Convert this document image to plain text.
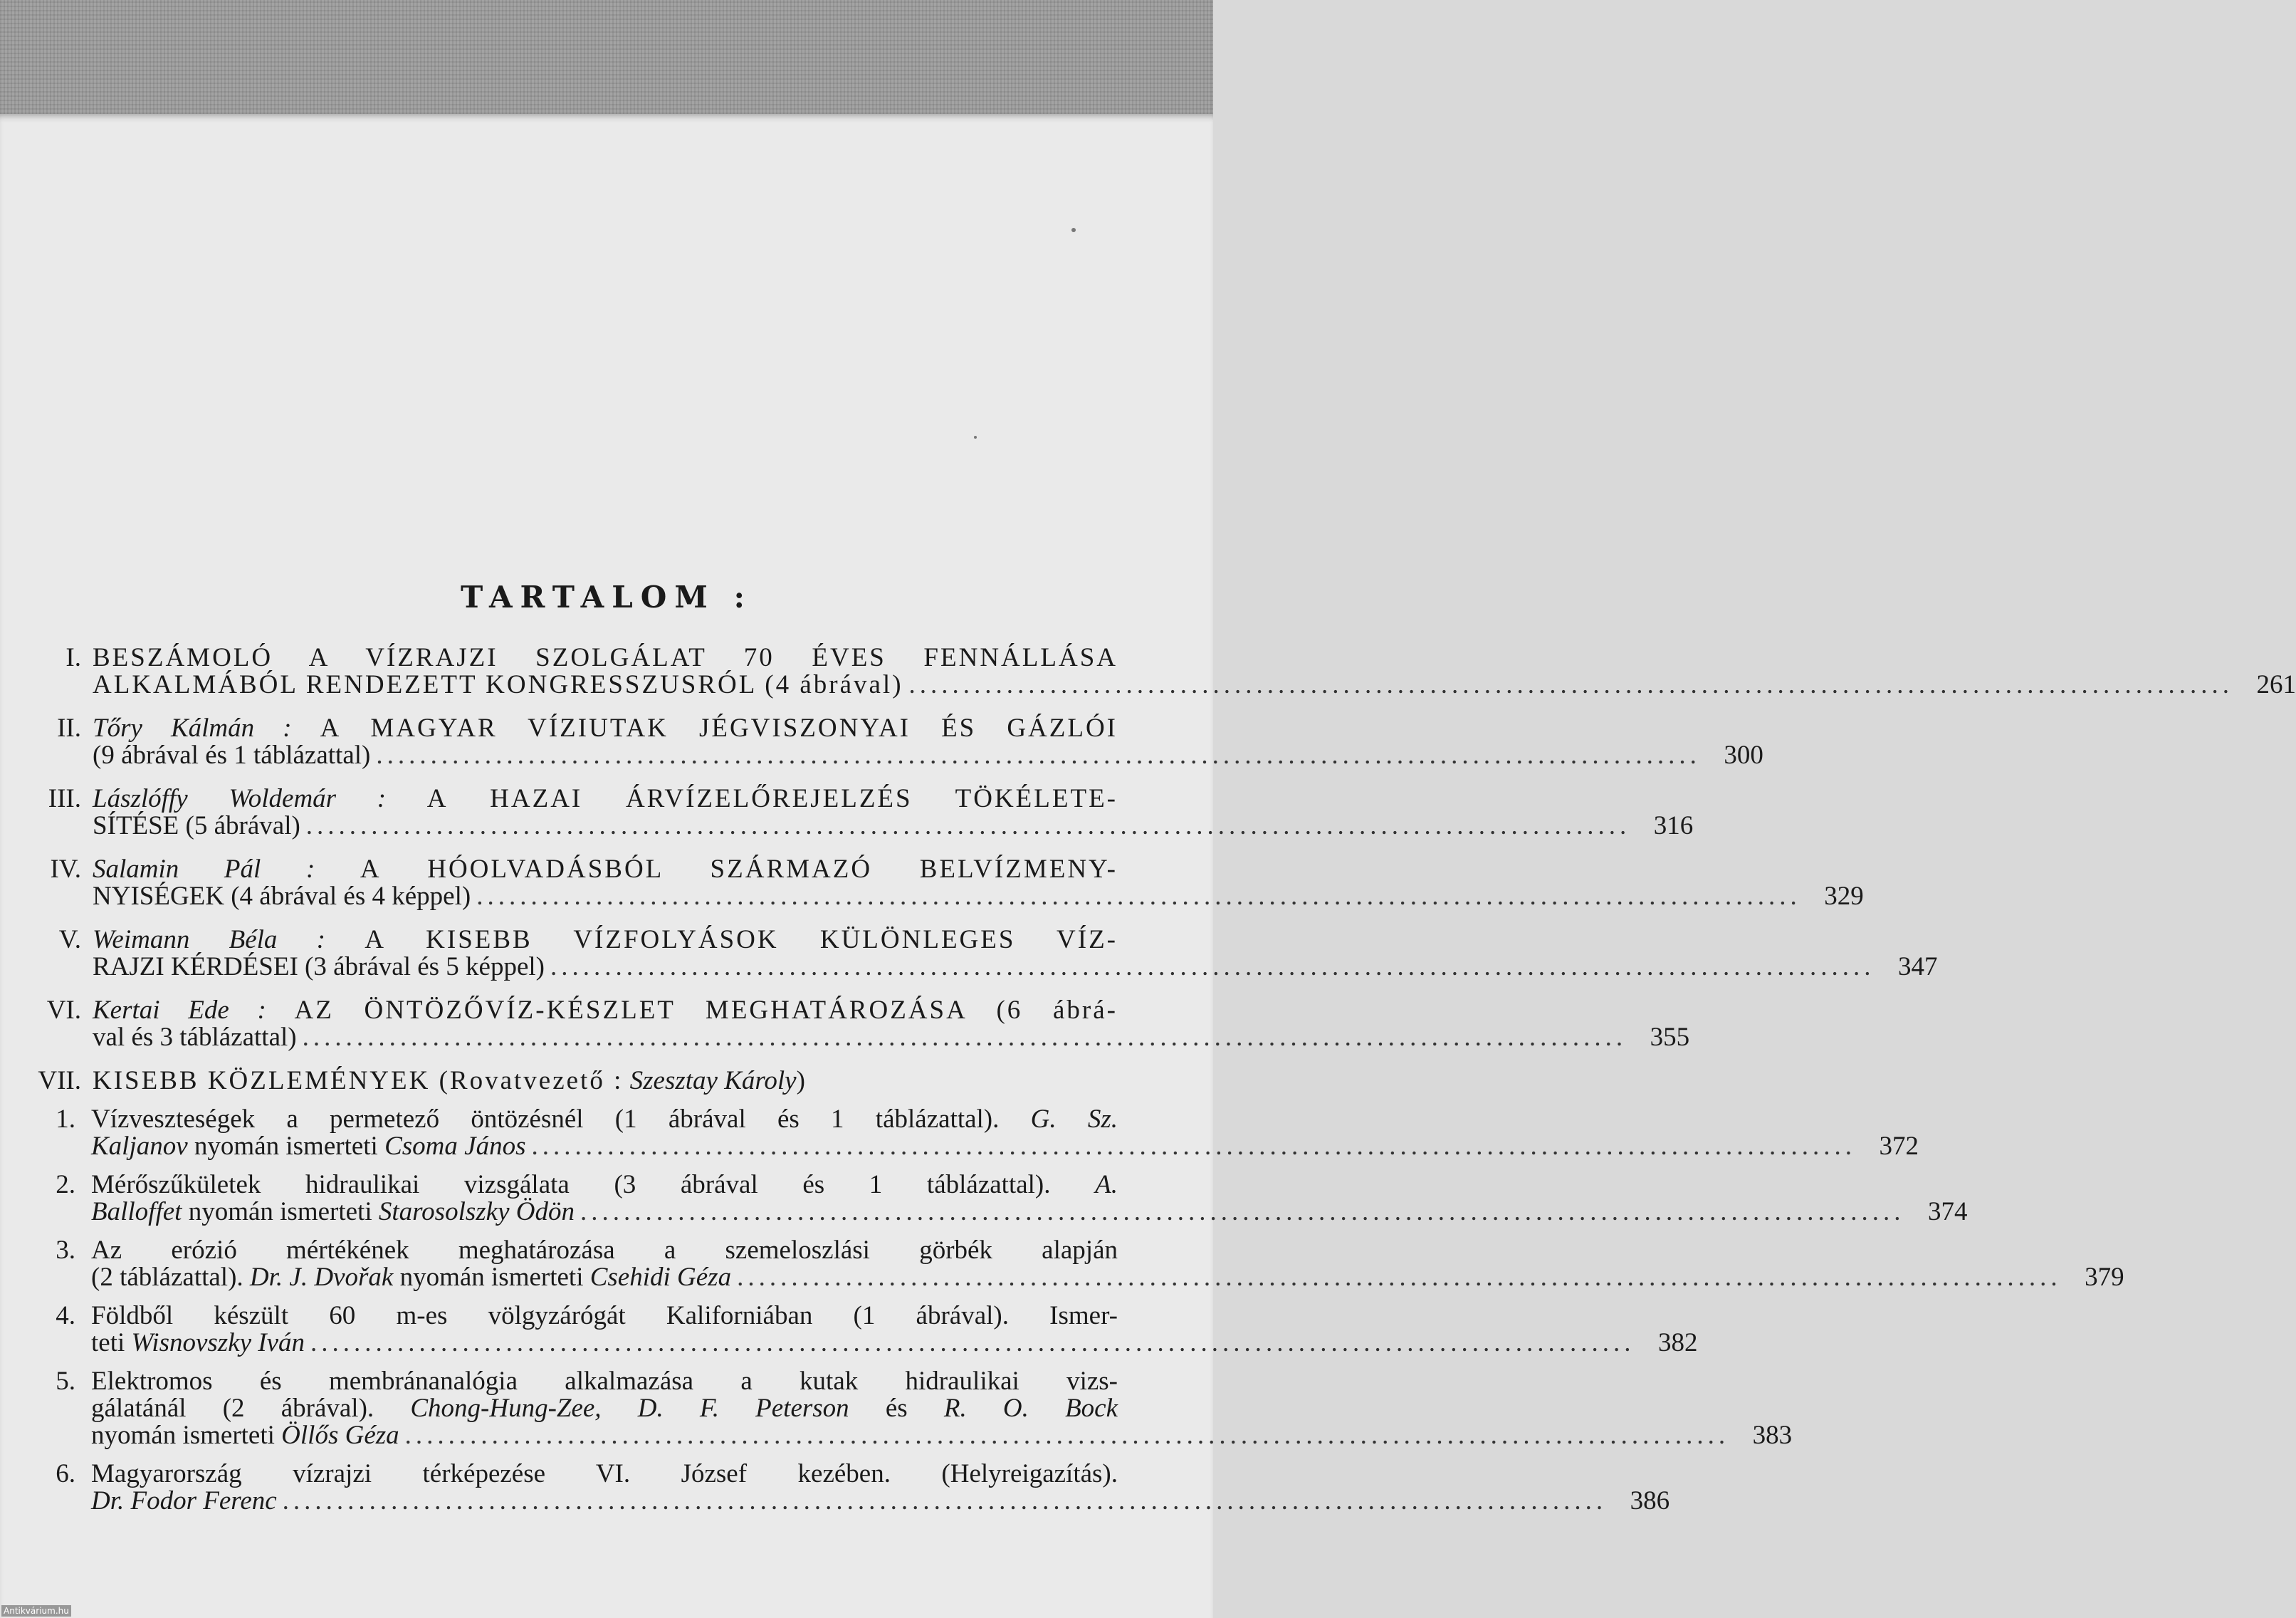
TARTALOM :
I. BESZÁMOLÓ A VÍZRAJZI SZOLGÁLAT 70 ÉVES FENNÁLLÁSA
ALKALMÁBÓL RENDEZETT KONGRESSZUSRÓL (4 ábrával) .......................................................................................................................... 261
II. Tőry Kálmán : A MAGYAR VÍZIUTAK JÉGVISZONYAI ÉS GÁZLÓI
(9 ábrával és 1 táblázattal) .......................................................................................................................... 300
III. Lászlóffy Woldemár : A HAZAI ÁRVÍZELŐREJELZÉS TÖKÉLETE-
SÍTÉSE (5 ábrával) .......................................................................................................................... 316
IV. Salamin Pál : A HÓOLVADÁSBÓL SZÁRMAZÓ BELVÍZMENY-
NYISÉGEK (4 ábrával és 4 képpel) .......................................................................................................................... 329
V. Weimann Béla : A KISEBB VÍZFOLYÁSOK KÜLÖNLEGES VÍZ-
RAJZI KÉRDÉSEI (3 ábrával és 5 képpel) .......................................................................................................................... 347
VI. Kertai Ede : AZ ÖNTÖZŐVÍZ-KÉSZLET MEGHATÁROZÁSA (6 ábrá-
val és 3 táblázattal) .......................................................................................................................... 355
VII. KISEBB KÖZLEMÉNYEK (Rovatvezető : Szesztay Károly)
1. Vízveszteségek a permetező öntözésnél (1 ábrával és 1 táblázattal). G. Sz.
Kaljanov nyomán ismerteti Csoma János .......................................................................................................................... 372
2. Mérőszűkületek hidraulikai vizsgálata (3 ábrával és 1 táblázattal). A.
Balloffet nyomán ismerteti Starosolszky Ödön .......................................................................................................................... 374
3. Az erózió mértékének meghatározása a szemeloszlási görbék alapján
(2 táblázattal). Dr. J. Dvořak nyomán ismerteti Csehidi Géza .......................................................................................................................... 379
4. Földből készült 60 m-es völgyzárógát Kaliforniában (1 ábrával). Ismer-
teti Wisnovszky Iván .......................................................................................................................... 382
5. Elektromos és membránanalógia alkalmazása a kutak hidraulikai vizs-
gálatánál (2 ábrával). Chong-Hung-Zee, D. F. Peterson és R. O. Bock
nyomán ismerteti Öllős Géza .......................................................................................................................... 383
6. Magyarország vízrajzi térképezése VI. József kezében. (Helyreigazítás).
Dr. Fodor Ferenc .......................................................................................................................... 386
Antikvárium.hu
